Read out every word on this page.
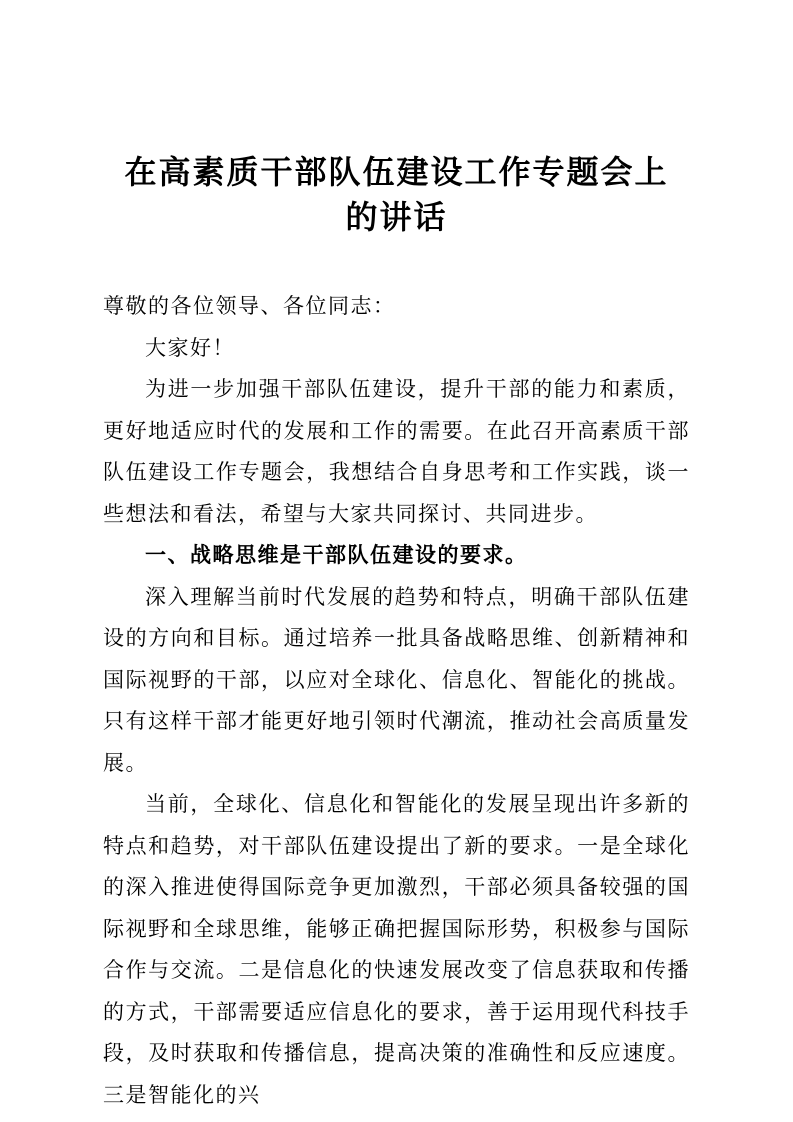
在高素质干部队伍建设工作专题会上
的讲话

尊敬的各位领导、各位同志：

大家好！

为进一步加强干部队伍建设，提升干部的能力和素质，更好地适应时代的发展和工作的需要。在此召开高素质干部队伍建设工作专题会，我想结合自身思考和工作实践，谈一些想法和看法，希望与大家共同探讨、共同进步。

一、战略思维是干部队伍建设的要求。

深入理解当前时代发展的趋势和特点，明确干部队伍建设的方向和目标。通过培养一批具备战略思维、创新精神和国际视野的干部，以应对全球化、信息化、智能化的挑战。只有这样干部才能更好地引领时代潮流，推动社会高质量发展。

当前，全球化、信息化和智能化的发展呈现出许多新的特点和趋势，对干部队伍建设提出了新的要求。一是全球化的深入推进使得国际竞争更加激烈，干部必须具备较强的国际视野和全球思维，能够正确把握国际形势，积极参与国际合作与交流。二是信息化的快速发展改变了信息获取和传播的方式，干部需要适应信息化的要求，善于运用现代科技手段，及时获取和传播信息，提高决策的准确性和反应速度。三是智能化的兴
